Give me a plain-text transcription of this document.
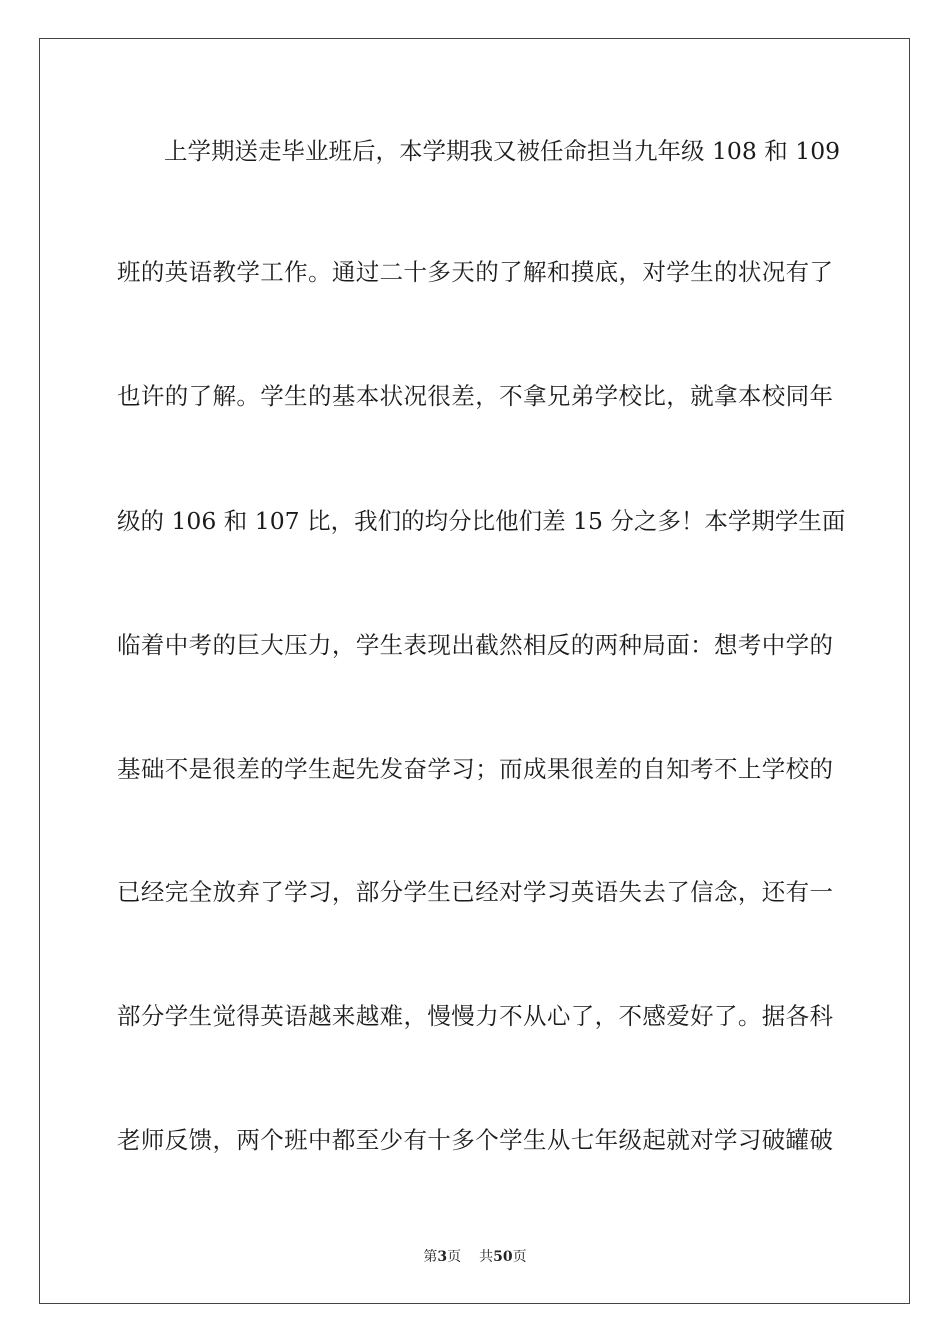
上学期送走毕业班后，本学期我又被任命担当九年级 108 和 109
班的英语教学工作。通过二十多天的了解和摸底，对学生的状况有了
也许的了解。学生的基本状况很差，不拿兄弟学校比，就拿本校同年
级的 106 和 107 比，我们的均分比他们差 15 分之多！本学期学生面
临着中考的巨大压力，学生表现出截然相反的两种局面：想考中学的
基础不是很差的学生起先发奋学习；而成果很差的自知考不上学校的
已经完全放弃了学习，部分学生已经对学习英语失去了信念，还有一
部分学生觉得英语越来越难，慢慢力不从心了，不感爱好了。据各科
老师反馈，两个班中都至少有十多个学生从七年级起就对学习破罐破
第3页 共50页
